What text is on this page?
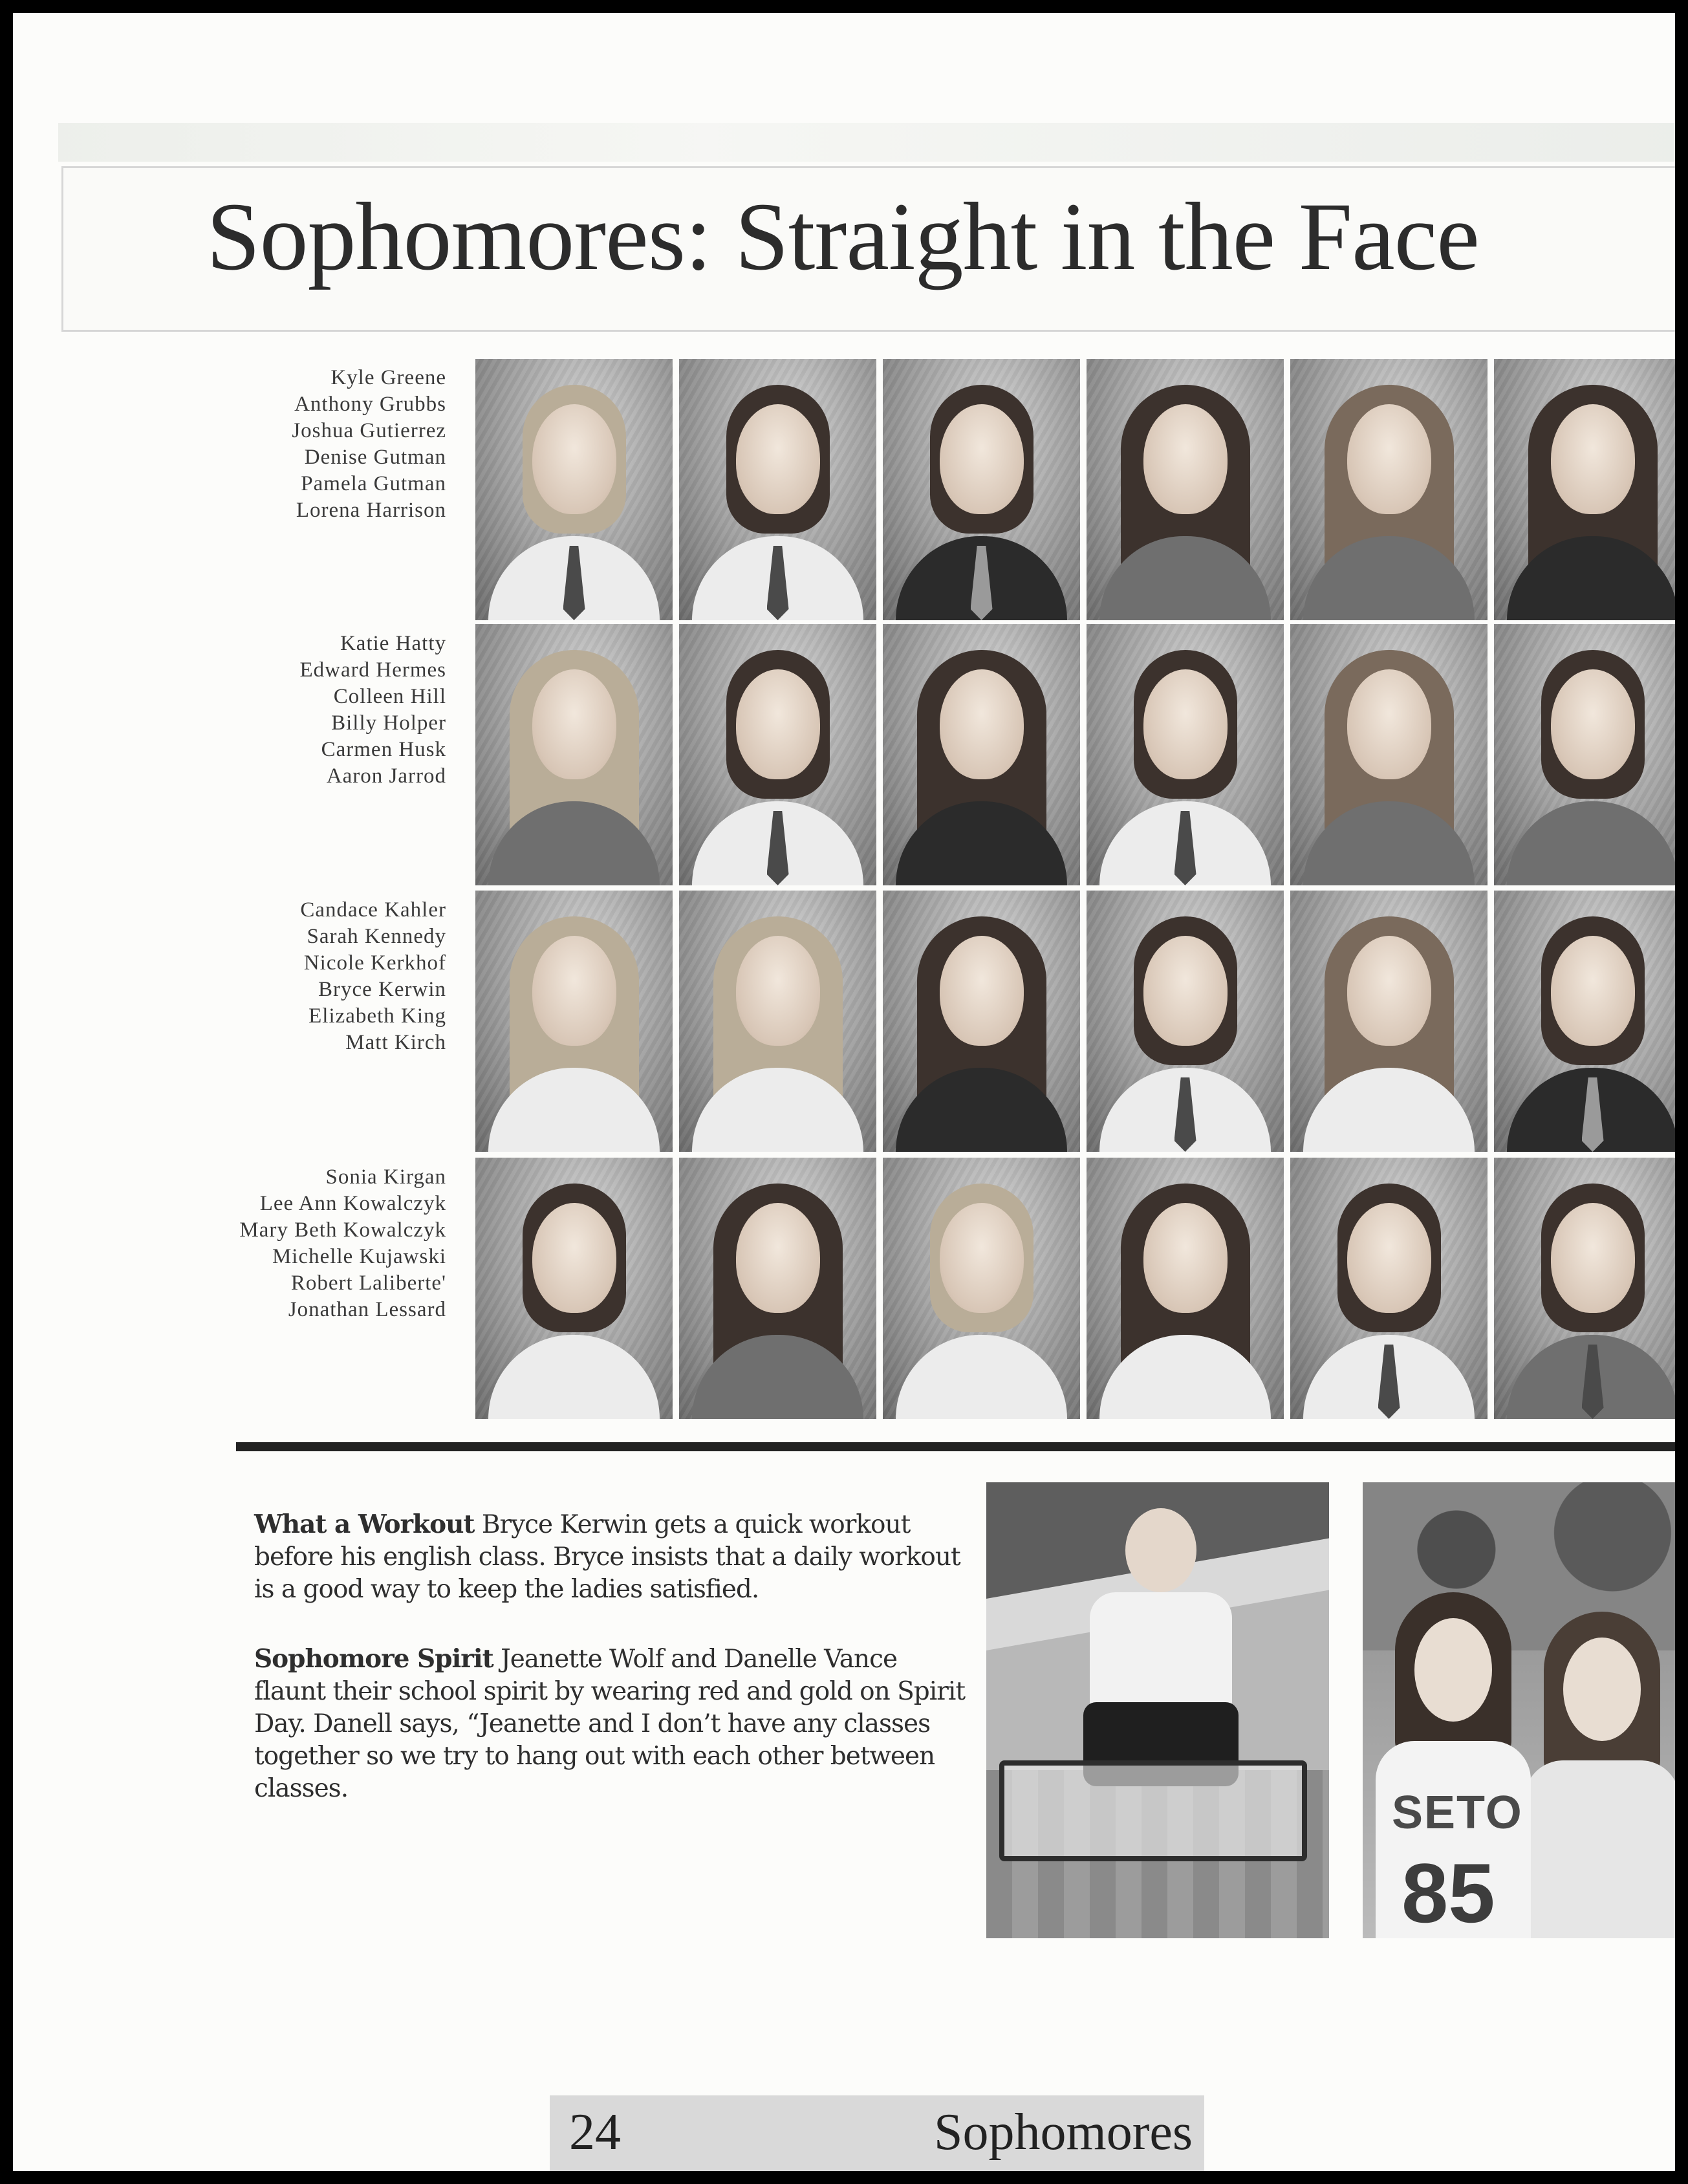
Sophomores: Straight in the Face
Kyle Greene
Anthony Grubbs
Joshua Gutierrez
Denise Gutman
Pamela Gutman
Lorena Harrison
Katie Hatty
Edward Hermes
Colleen Hill
Billy Holper
Carmen Husk
Aaron Jarrod
Candace Kahler
Sarah Kennedy
Nicole Kerkhof
Bryce Kerwin
Elizabeth King
Matt Kirch
Sonia Kirgan
Lee Ann Kowalczyk
Mary Beth Kowalczyk
Michelle Kujawski
Robert Laliberte'
Jonathan Lessard
What a Workout Bryce Kerwin gets a quick workout before his english class. Bryce insists that a daily workout is a good way to keep the ladies satisfied.
Sophomore Spirit Jeanette Wolf and Danelle Vance flaunt their school spirit by wearing red and gold on Spirit Day. Danell says, “Jeanette and I don’t have any classes together so we try to hang out with each other between classes.	SETO
85
24	Sophomores
